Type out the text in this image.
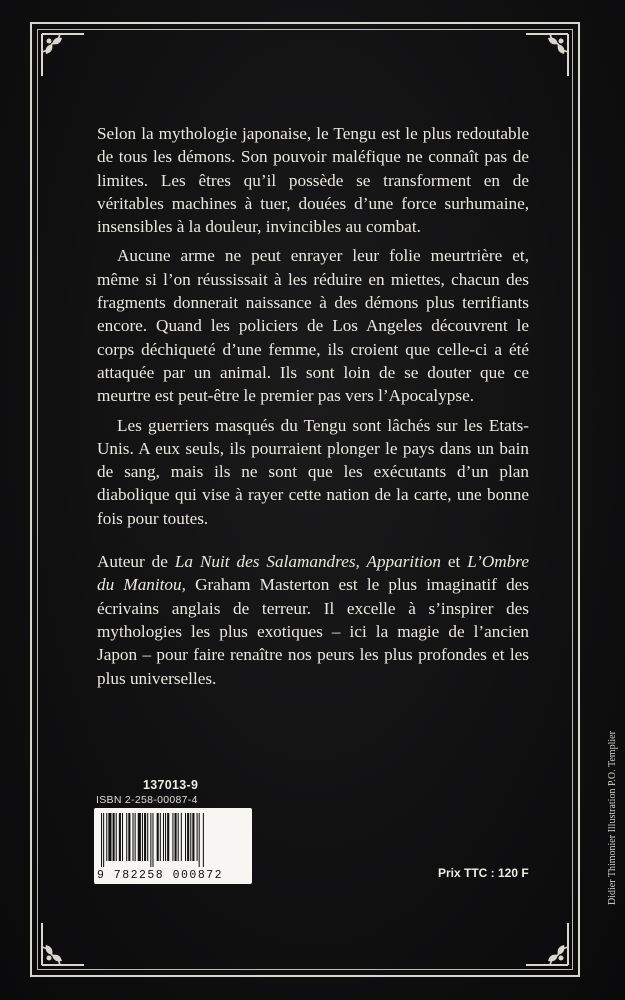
Selon la mythologie japonaise, le Tengu est le plus redoutable de tous les démons. Son pouvoir maléfique ne connaît pas de limites. Les êtres qu’il possède se transforment en de véritables machines à tuer, douées d’une force surhumaine, insensibles à la douleur, invincibles au combat.

Aucune arme ne peut enrayer leur folie meurtrière et, même si l’on réussissait à les réduire en miettes, chacun des fragments donnerait naissance à des démons plus terrifiants encore. Quand les policiers de Los Angeles découvrent le corps déchiqueté d’une femme, ils croient que celle-ci a été attaquée par un animal. Ils sont loin de se douter que ce meurtre est peut-être le premier pas vers l’Apocalypse.

Les guerriers masqués du Tengu sont lâchés sur les Etats-Unis. A eux seuls, ils pourraient plonger le pays dans un bain de sang, mais ils ne sont que les exécutants d’un plan diabolique qui vise à rayer cette nation de la carte, une bonne fois pour toutes.

Auteur de La Nuit des Salamandres, Apparition et L’Ombre du Manitou, Graham Masterton est le plus imaginatif des écrivains anglais de terreur. Il excelle à s’inspirer des mythologies les plus exotiques – ici la magie de l’ancien Japon – pour faire renaître nos peurs les plus profondes et les plus universelles.

137013-9
ISBN 2-258-00087-4
9 782258 000872	Prix TTC : 120 F	Didier Thimonier Illustration P.O. Templier
